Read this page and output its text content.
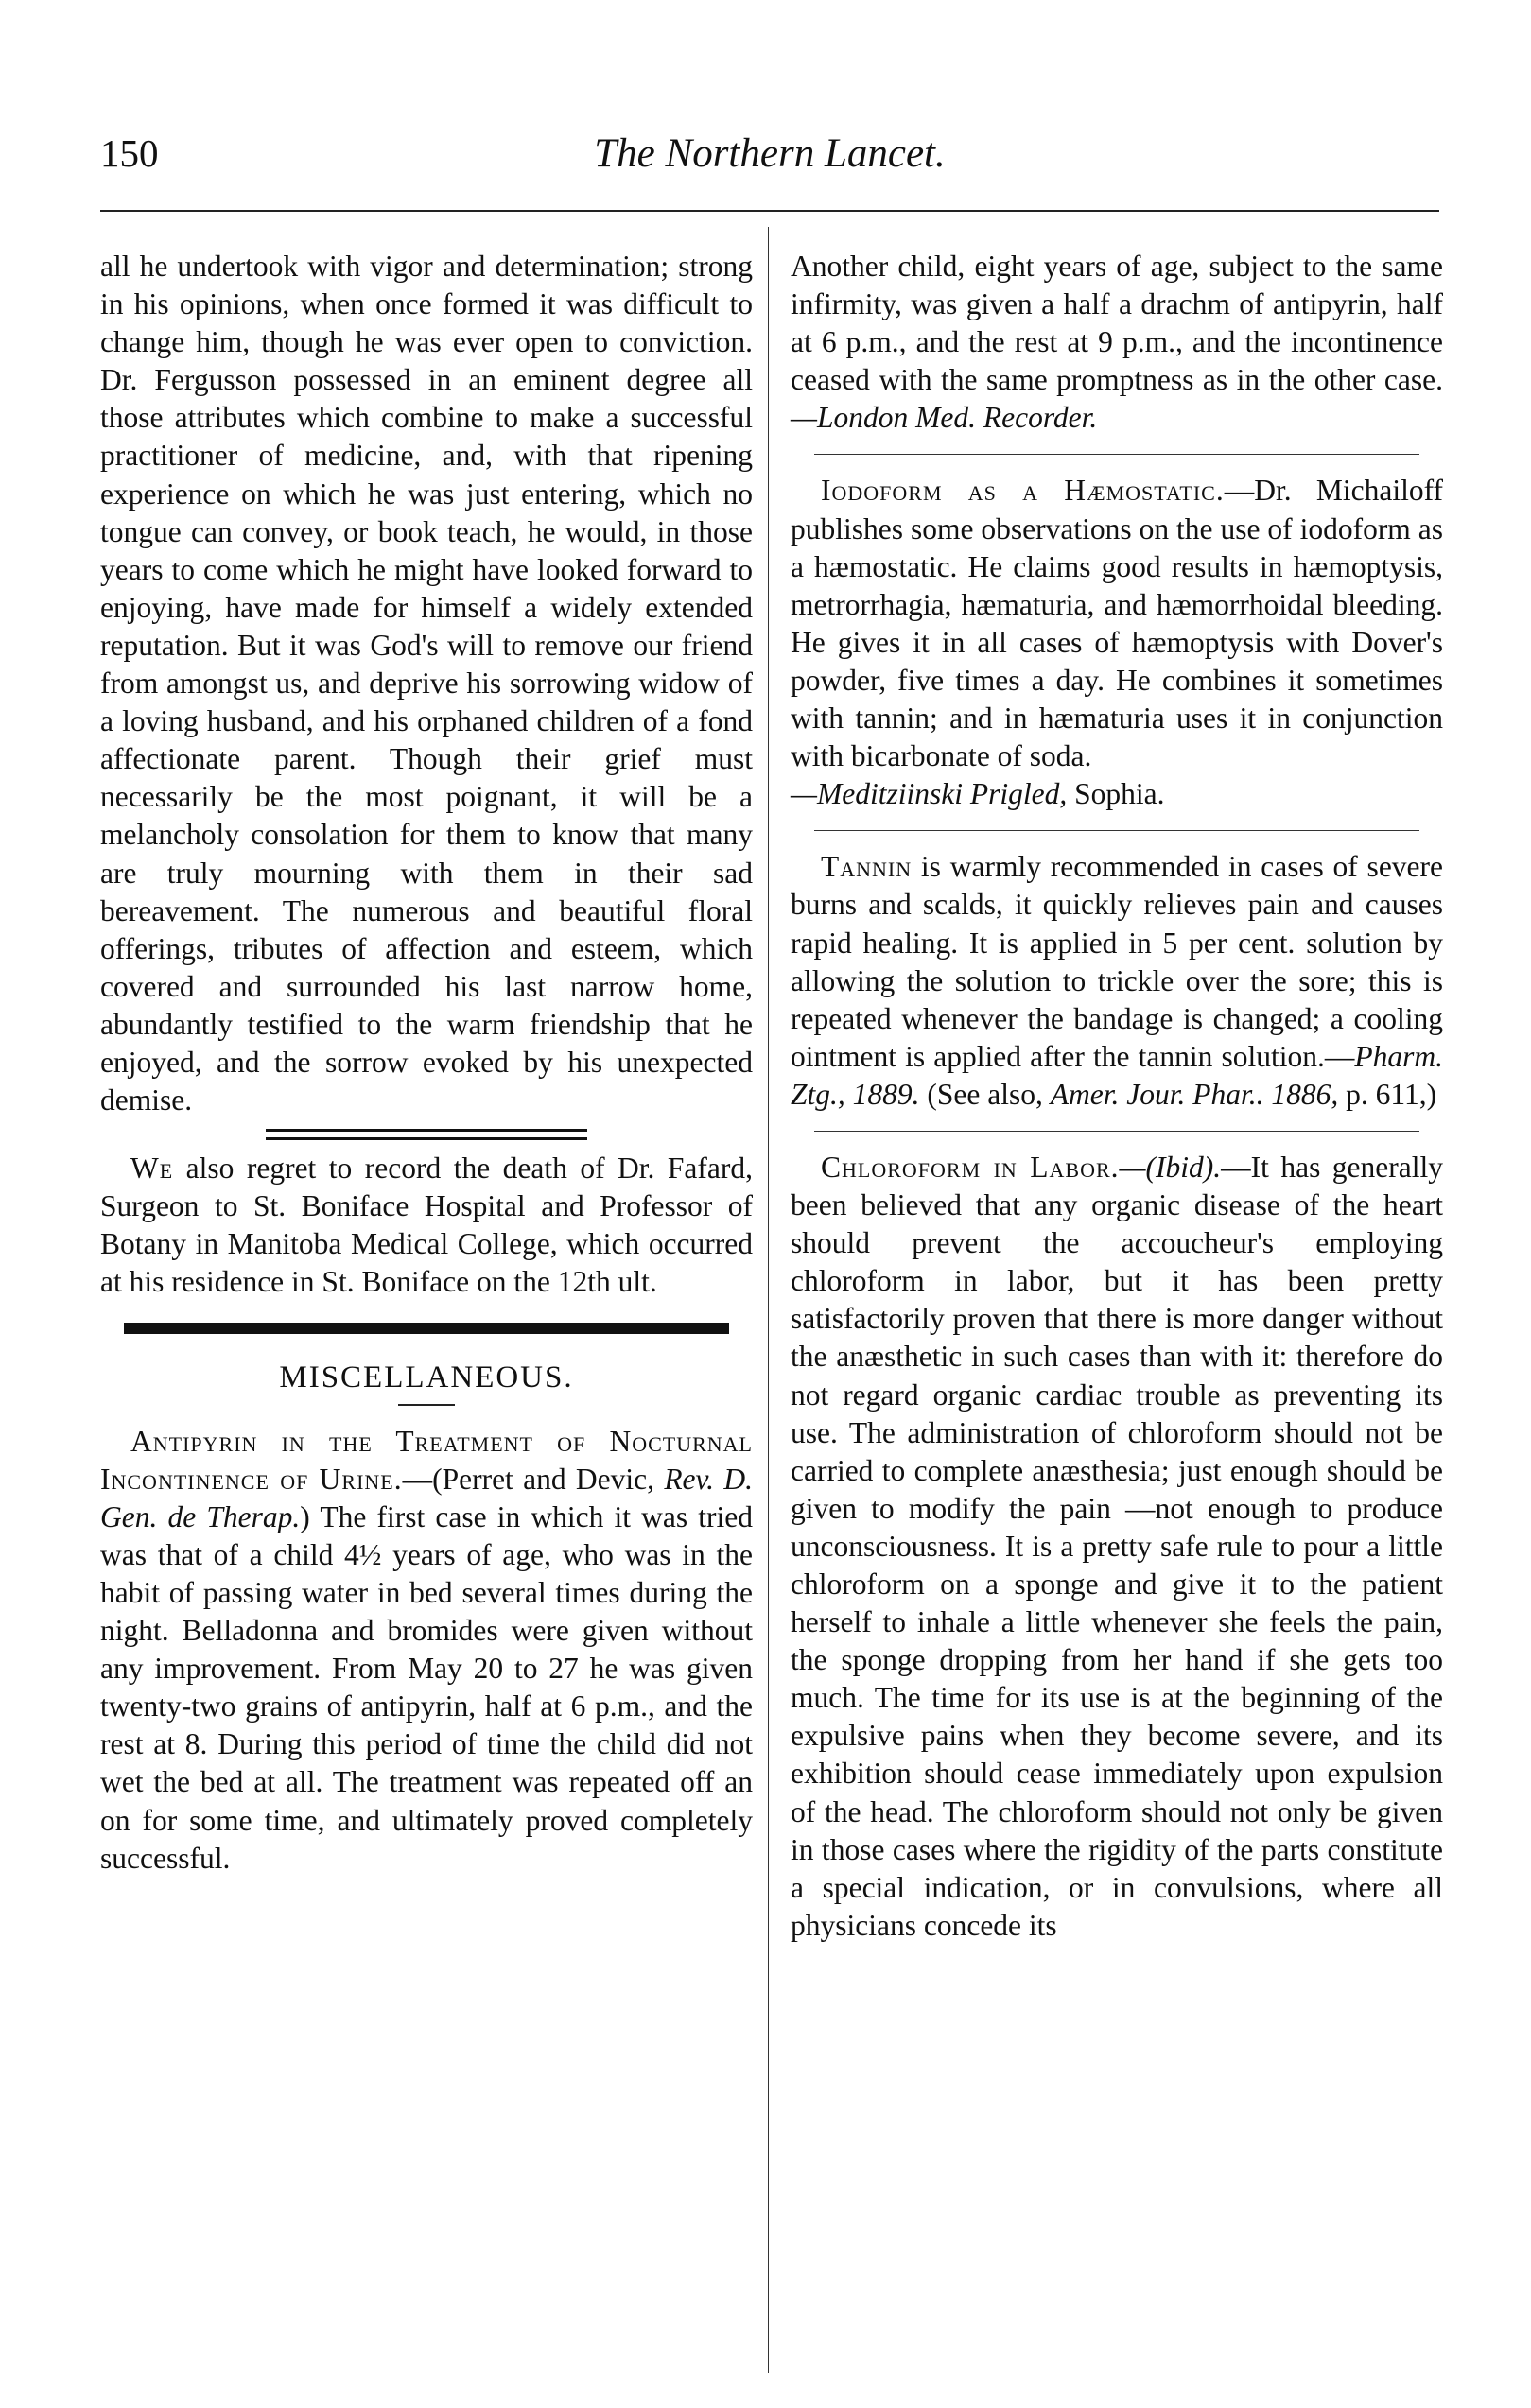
150	The Northern Lancet.

all he undertook with vigor and determination; strong in his opinions, when once formed it was difficult to change him, though he was ever open to conviction. Dr. Fergusson possessed in an eminent degree all those attributes which combine to make a successful practitioner of medicine, and, with that ripening experience on which he was just entering, which no tongue can convey, or book teach, he would, in those years to come which he might have looked forward to enjoying, have made for himself a widely extended reputation. But it was God's will to remove our friend from amongst us, and deprive his sorrowing widow of a loving husband, and his orphaned children of a fond affectionate parent. Though their grief must necessarily be the most poignant, it will be a melancholy consolation for them to know that many are truly mourning with them in their sad bereavement. The numerous and beautiful floral offerings, tributes of affection and esteem, which covered and surrounded his last narrow home, abundantly testified to the warm friendship that he enjoyed, and the sorrow evoked by his unexpected demise.

We also regret to record the death of Dr. Fafard, Surgeon to St. Boniface Hospital and Professor of Botany in Manitoba Medical College, which occurred at his residence in St. Boniface on the 12th ult.

MISCELLANEOUS.

Antipyrin in the Treatment of Nocturnal Incontinence of Urine.—(Perret and Devic, Rev. D. Gen. de Therap.) The first case in which it was tried was that of a child 4½ years of age, who was in the habit of passing water in bed several times during the night. Belladonna and bromides were given without any improvement. From May 20 to 27 he was given twenty-two grains of antipyrin, half at 6 p.m., and the rest at 8. During this period of time the child did not wet the bed at all. The treatment was repeated off an on for some time, and ultimately proved completely successful.

Another child, eight years of age, subject to the same infirmity, was given a half a drachm of antipyrin, half at 6 p.m., and the rest at 9 p.m., and the incontinence ceased with the same promptness as in the other case.—London Med. Recorder.

Iodoform as a Hæmostatic.—Dr. Michailoff publishes some observations on the use of iodoform as a hæmostatic. He claims good results in hæmoptysis, metrorrhagia, hæmaturia, and hæmorrhoidal bleeding. He gives it in all cases of hæmoptysis with Dover's powder, five times a day. He combines it sometimes with tannin; and in hæmaturia uses it in conjunction with bicarbonate of soda.
—Meditziinski Prigled, Sophia.

Tannin is warmly recommended in cases of severe burns and scalds, it quickly relieves pain and causes rapid healing. It is applied in 5 per cent. solution by allowing the solution to trickle over the sore; this is repeated whenever the bandage is changed; a cooling ointment is applied after the tannin solution.—Pharm. Ztg., 1889. (See also, Amer. Jour. Phar.. 1886, p. 611,)

Chloroform in Labor.—(Ibid).—It has generally been believed that any organic disease of the heart should prevent the accoucheur's employing chloroform in labor, but it has been pretty satisfactorily proven that there is more danger without the anæsthetic in such cases than with it: therefore do not regard organic cardiac trouble as preventing its use. The administration of chloroform should not be carried to complete anæsthesia; just enough should be given to modify the pain —not enough to produce unconsciousness. It is a pretty safe rule to pour a little chloroform on a sponge and give it to the patient herself to inhale a little whenever she feels the pain, the sponge dropping from her hand if she gets too much. The time for its use is at the beginning of the expulsive pains when they become severe, and its exhibition should cease immediately upon expulsion of the head. The chloroform should not only be given in those cases where the rigidity of the parts constitute a special indication, or in convulsions, where all physicians concede its
